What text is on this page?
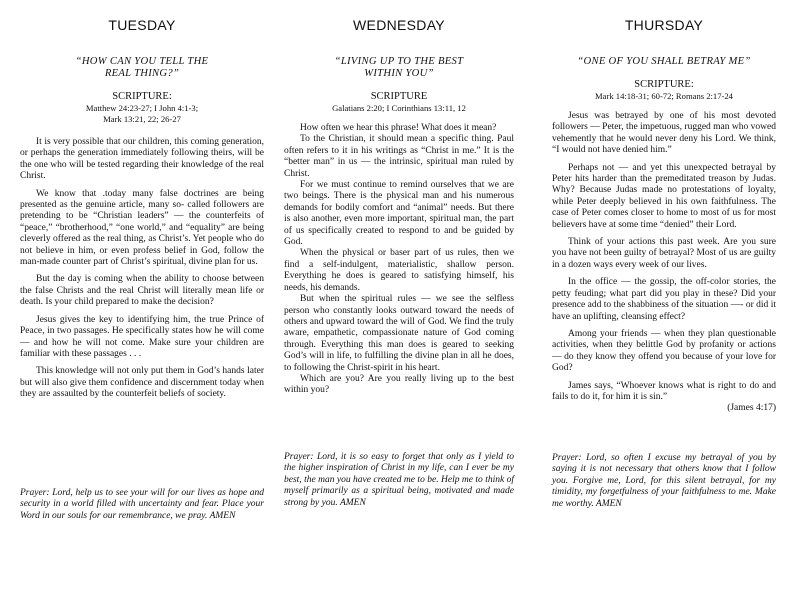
TUESDAY
“HOW CAN YOU TELL THE
REAL THING?”
SCRIPTURE:
Matthew 24:23-27; I John 4:1-3;
Mark 13:21, 22; 26-27

It is very possible that our children, this coming generation, or perhaps the generation immediately following theirs, will be the one who will be tested regarding their knowledge of the real Christ.

We know that .today many false doctrines are being presented as the genuine article, many so- called followers are pretending to be “Christian leaders” — the counterfeits of “peace,” “brotherhood,” “one world,” and “equality” are being cleverly offered as the real thing, as Christ’s. Yet people who do not believe in him, or even profess belief in God, follow the man-made counter part of Christ’s spiritual, divine plan for us.

But the day is coming when the ability to choose between the false Christs and the real Christ will literally mean life or death. Is your child prepared to make the decision?

Jesus gives the key to identifying him, the true Prince of Peace, in two passages. He specifically states how he will come — and how he will not come. Make sure your children are familiar with these passages . . .

This knowledge will not only put them in God’s hands later but will also give them confidence and discernment today when they are assaulted by the counterfeit beliefs of society.

Prayer: Lord, help us to see your will for our lives as hope and security in a world filled with uncertainty and fear. Place your Word in our souls for our remembrance, we pray. AMEN
WEDNESDAY
“LIVING UP TO THE BEST
WITHIN YOU”
SCRIPTURE
Galatians 2:20; I Corinthians 13:11, 12

How often we hear this phrase! What does it mean?

To the Christian, it should mean a specific thing. Paul often refers to it in his writings as “Christ in me.” It is the “better man” in us — the intrinsic, spiritual man ruled by Christ.

For we must continue to remind ourselves that we are two beings. There is the physical man and his numerous demands for bodily comfort and “animal” needs. But there is also another, even more important, spiritual man, the part of us specifically created to respond to and be guided by God.

When the physical or baser part of us rules, then we find a self-indulgent, materialistic, shallow person. Everything he does is geared to satisfying himself, his needs, his demands.

But when the spiritual rules — we see the selfless person who constantly looks outward toward the needs of others and upward toward the will of God. We find the truly aware, empathetic, compassionate nature of God coming through. Everything this man does is geared to seeking God’s will in life, to fulfilling the divine plan in all he does, to following the Christ-spirit in his heart.

Which are you? Are you really living up to the best within you?

Prayer: Lord, it is so easy to forget that only as I yield to the higher inspiration of Christ in my life, can I ever be my best, the man you have created me to be. Help me to think of myself primarily as a spiritual being, motivated and made strong by you. AMEN
THURSDAY
“ONE OF YOU SHALL BETRAY ME”
SCRIPTURE:
Mark 14:18-31; 60-72; Romans 2:17-24

Jesus was betrayed by one of his most devoted followers — Peter, the impetuous, rugged man who vowed vehemently that he would never deny his Lord. We think, “I would not have denied him.”

Perhaps not — and yet this unexpected betrayal by Peter hits harder than the premeditated treason by Judas. Why? Because Judas made no protestations of loyalty, while Peter deeply believed in his own faithfulness. The case of Peter comes closer to home to most of us for most believers have at some time “denied” their Lord.

Think of your actions this past week. Are you sure you have not been guilty of betrayal? Most of us are guilty in a dozen ways every week of our lives.

In the office — the gossip, the off-color stories, the petty feuding; what part did you play in these? Did your presence add to the shabbiness of the situation —- or did it have an uplifting, cleansing effect?

Among your friends — when they plan questionable activities, when they belittle God by profanity or actions — do they know they offend you because of your love for God?

James says, “Whoever knows what is right to do and fails to do it, for him it is sin.”

(James 4:17)

Prayer: Lord, so often I excuse my betrayal of you by saying it is not necessary that others know that I follow you. Forgive me, Lord, for this silent betrayal, for my timidity, my forgetfulness of your faithfulness to me. Make me worthy. AMEN
